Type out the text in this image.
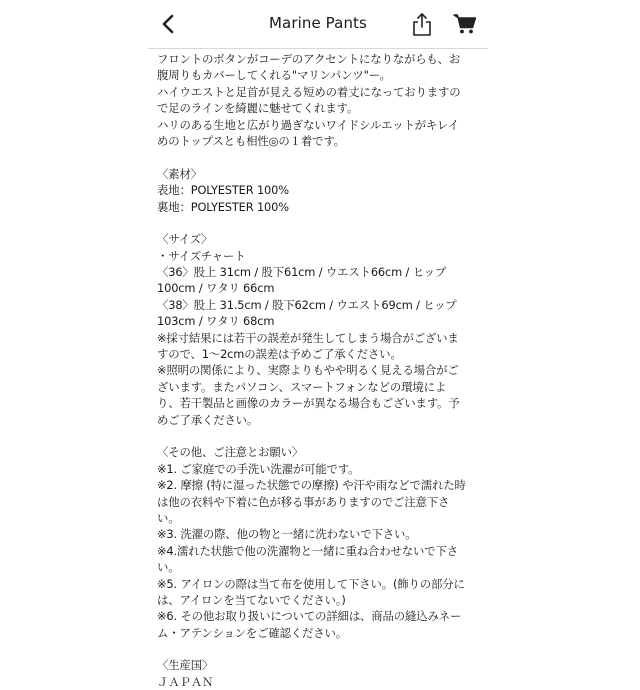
Marine Pants
フロントのボタンがコーデのアクセントになりながらも、お
腹周りもカバーしてくれる"マリンパンツ"ー。
ハイウエストと足首が見える短めの着丈になっておりますの
で足のラインを綺麗に魅せてくれます。
ハリのある生地と広がり過ぎないワイドシルエットがキレイ
めのトップスとも相性◎の１着です。
〈素材〉
表地：POLYESTER 100%
裏地：POLYESTER 100%
〈サイズ〉
・サイズチャート
〈36〉股上 31cm / 股下61cm / ウエスト66cm / ヒップ
100cm / ワタリ 66cm
〈38〉股上 31.5cm / 股下62cm / ウエスト69cm / ヒップ
103cm / ワタリ 68cm
※採寸結果には若干の誤差が発生してしまう場合がございま
すので、1〜2cmの誤差は予めご了承ください。
※照明の関係により、実際よりもやや明るく見える場合がご
ざいます。またパソコン、スマートフォンなどの環境によ
り、若干製品と画像のカラーが異なる場合もございます。予
めご了承ください。
〈その他、ご注意とお願い〉
※1. ご家庭での手洗い洗濯が可能です。
※2. 摩擦 (特に湿った状態での摩擦) や汗や雨などで濡れた時
は他の衣料や下着に色が移る事がありますのでご注意下さ
い。
※3. 洗濯の際、他の物と一緒に洗わないで下さい。
※4.濡れた状態で他の洗濯物と一緒に重ね合わせないで下さ
い。
※5. アイロンの際は当て布を使用して下さい。(飾りの部分に
は、アイロンを当てないでください。)
※6. その他お取り扱いについての詳細は、商品の縫込みネー
ム・アテンションをご確認ください。
〈生産国〉
ＪＡＰＡＮ
